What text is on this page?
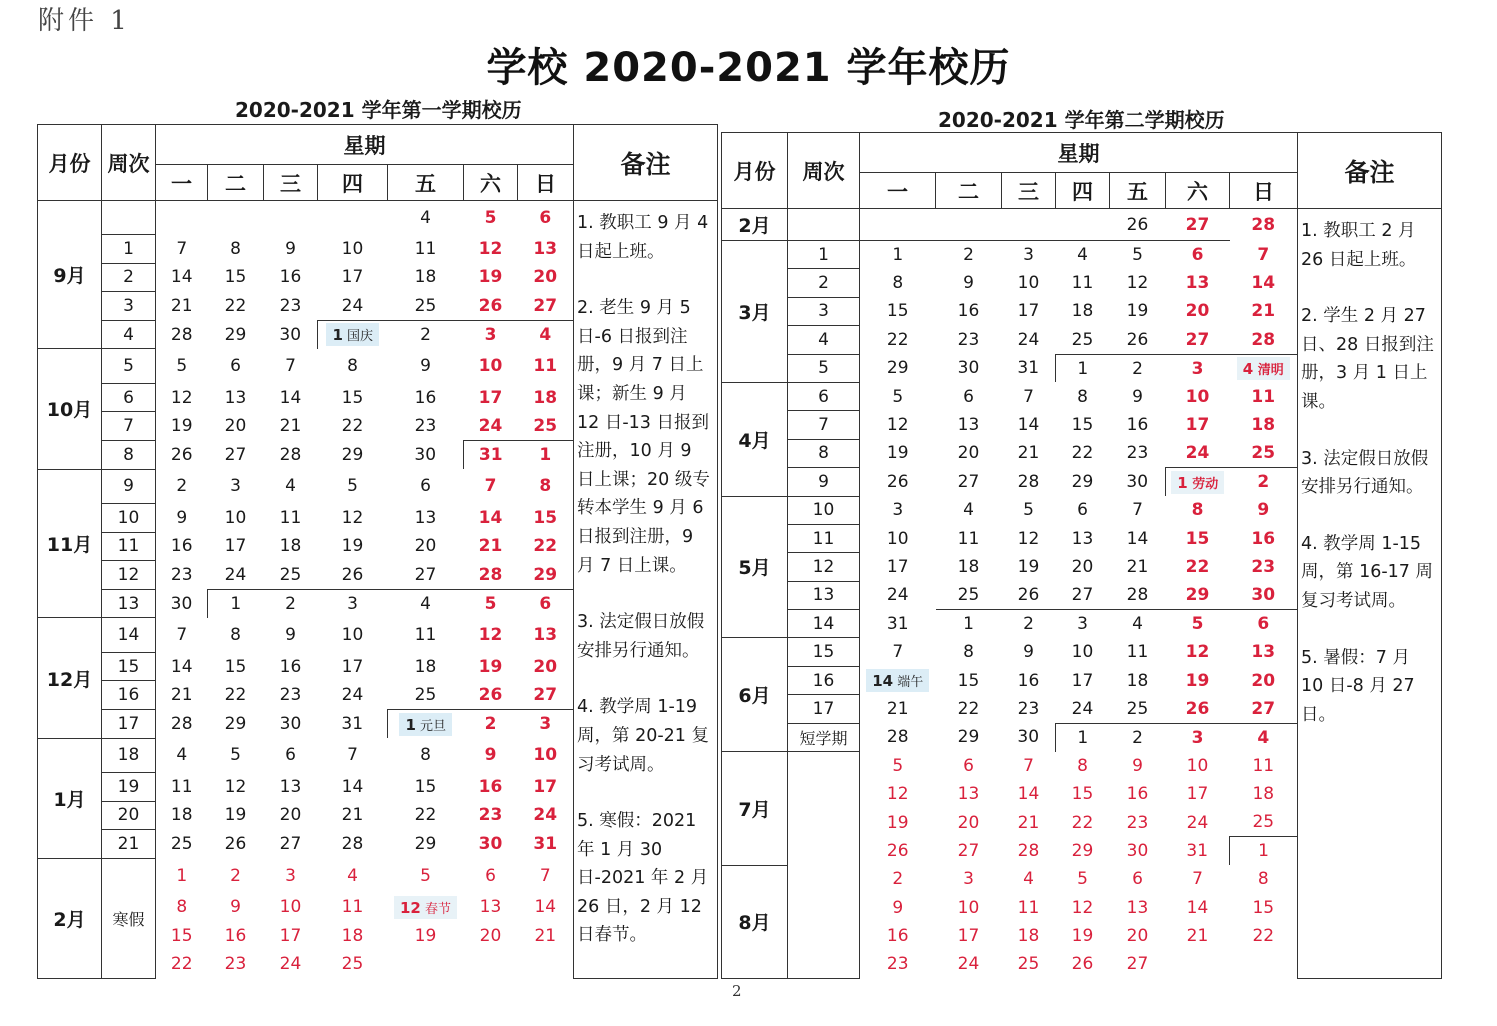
附件 1
学校 2020-2021 学年校历
2020-2021 学年第一学期校历	2020-2021 学年第二学期校历
月份	周次	星期							备注
		一	二	三	四	五	六	日	
9月						4	5	6	1. 教职工 9 月 4 日起上班。

2. 老生 9 月 5 日-6 日报到注册，9 月 7 日上课；新生 9 月 12 日-13 日报到注册，10 月 9 日上课；20 级专转本学生 9 月 6 日报到注册，9 月 7 日上课。

3. 法定假日放假安排另行通知。

4. 教学周 1-19 周，第 20-21 复习考试周。

5. 寒假：2021 年 1 月 30 日-2021 年 2 月 26 日，2 月 12 日春节。

	1	7	8	9	10	11	12	13	
	2	14	15	16	17	18	19	20	
	3	21	22	23	24	25	26	27	
	4	28	29	30	1 国庆	2	3	4	
10月	5	5	6	7	8	9	10	11	
	6	12	13	14	15	16	17	18	
	7	19	20	21	22	23	24	25	
	8	26	27	28	29	30	31	1	
11月	9	2	3	4	5	6	7	8	
	10	9	10	11	12	13	14	15	
	11	16	17	18	19	20	21	22	
	12	23	24	25	26	27	28	29	
	13	30	1	2	3	4	5	6	
12月	14	7	8	9	10	11	12	13	
	15	14	15	16	17	18	19	20	
	16	21	22	23	24	25	26	27	
	17	28	29	30	31	1 元旦	2	3	
1月	18	4	5	6	7	8	9	10	
	19	11	12	13	14	15	16	17	
	20	18	19	20	21	22	23	24	
	21	25	26	27	28	29	30	31	
2月	寒假	1	2	3	4	5	6	7	
		8	9	10	11	12 春节	13	14	
		15	16	17	18	19	20	21	
		22	23	24	25				
月份	周次	星期							备注
		一	二	三	四	五	六	日	
2月						26	27	28	1. 教职工 2 月 26 日起上班。

2. 学生 2 月 27 日、28 日报到注册，3 月 1 日上课。

3. 法定假日放假安排另行通知。

4. 教学周 1-15 周，第 16-17 周复习考试周。

5. 暑假：7 月 10 日-8 月 27 日。

3月	1	1	2	3	4	5	6	7	
	2	8	9	10	11	12	13	14	
	3	15	16	17	18	19	20	21	
	4	22	23	24	25	26	27	28	
	5	29	30	31	1	2	3	4 清明	
4月	6	5	6	7	8	9	10	11	
	7	12	13	14	15	16	17	18	
	8	19	20	21	22	23	24	25	
	9	26	27	28	29	30	1 劳动	2	
5月	10	3	4	5	6	7	8	9	
	11	10	11	12	13	14	15	16	
	12	17	18	19	20	21	22	23	
	13	24	25	26	27	28	29	30	
	14	31	1	2	3	4	5	6	
6月	15	7	8	9	10	11	12	13	
	16	14 端午	15	16	17	18	19	20	
	17	21	22	23	24	25	26	27	
	短学期	28	29	30	1	2	3	4	
7月		5	6	7	8	9	10	11	
		12	13	14	15	16	17	18	
		19	20	21	22	23	24	25	
		26	27	28	29	30	31	1	
8月		2	3	4	5	6	7	8	
		9	10	11	12	13	14	15	
		16	17	18	19	20	21	22	
		23	24	25	26	27			
2
